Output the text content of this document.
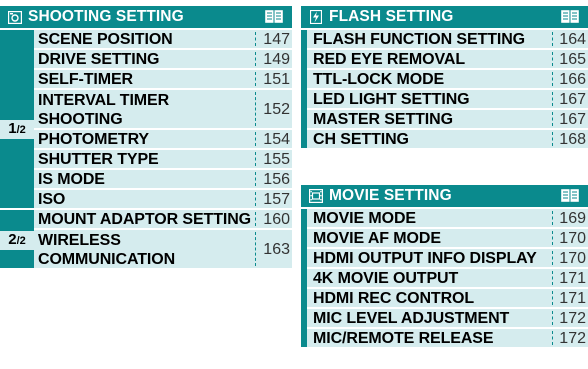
SHOOTING SETTING
SCENE POSITION	147
DRIVE SETTING	149
SELF-TIMER	151
INTERVAL TIMER
SHOOTING
152
PHOTOMETRY	154
SHUTTER TYPE	155
IS MODE	156
ISO	157
1/2
MOUNT ADAPTOR SETTING 160
WIRELESS
COMMUNICATION
163
2/2
FLASH SETTING
FLASH FUNCTION SETTING 164
RED EYE REMOVAL	165
TTL-LOCK MODE	166
LED LIGHT SETTING	167
MASTER SETTING	167
CH SETTING	168
MOVIE SETTING
MOVIE MODE	169
MOVIE AF MODE	170
HDMI OUTPUT INFO DISPLAY 170
4K MOVIE OUTPUT	171
HDMI REC CONTROL	171
MIC LEVEL ADJUSTMENT	172
MIC/REMOTE RELEASE	172
